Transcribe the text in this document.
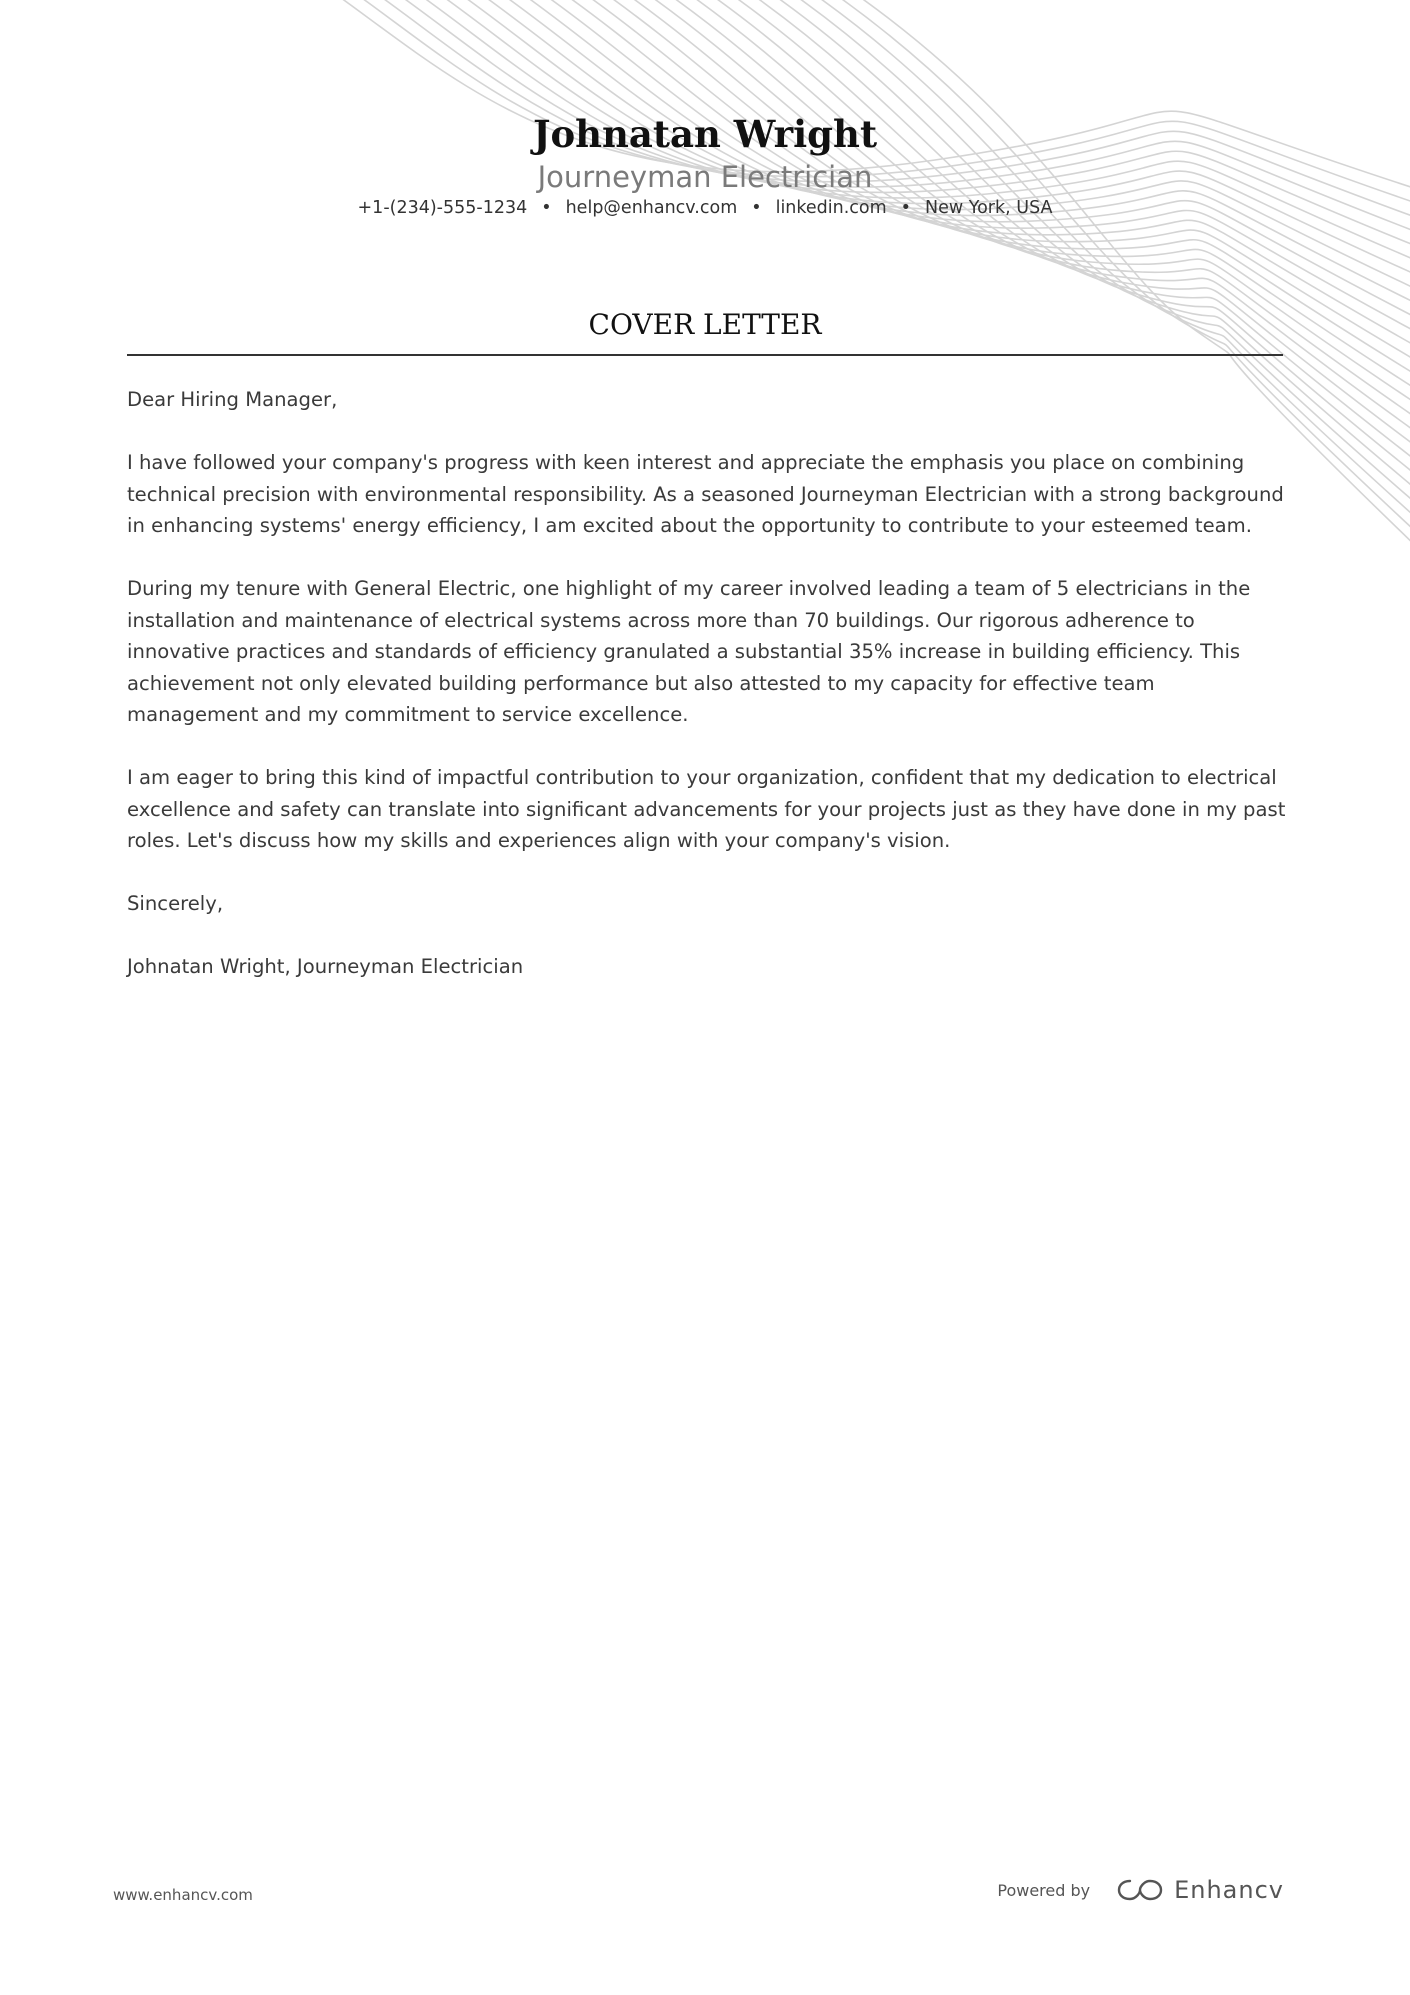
Johnatan Wright
Journeyman Electrician
+1-(234)-555-1234 • help@enhancv.com • linkedin.com • New York, USA
COVER LETTER

Dear Hiring Manager,

I have followed your company's progress with keen interest and appreciate the emphasis you place on combining technical precision with environmental responsibility. As a seasoned Journeyman Electrician with a strong background in enhancing systems' energy efficiency, I am excited about the opportunity to contribute to your esteemed team.

During my tenure with General Electric, one highlight of my career involved leading a team of 5 electricians in the installation and maintenance of electrical systems across more than 70 buildings. Our rigorous adherence to innovative practices and standards of efficiency granulated a substantial 35% increase in building efficiency. This achievement not only elevated building performance but also attested to my capacity for effective team management and my commitment to service excellence.

I am eager to bring this kind of impactful contribution to your organization, confident that my dedication to electrical excellence and safety can translate into significant advancements for your projects just as they have done in my past roles. Let's discuss how my skills and experiences align with your company's vision.

Sincerely,

Johnatan Wright, Journeyman Electrician

www.enhancv.com	Powered by	Enhancv
